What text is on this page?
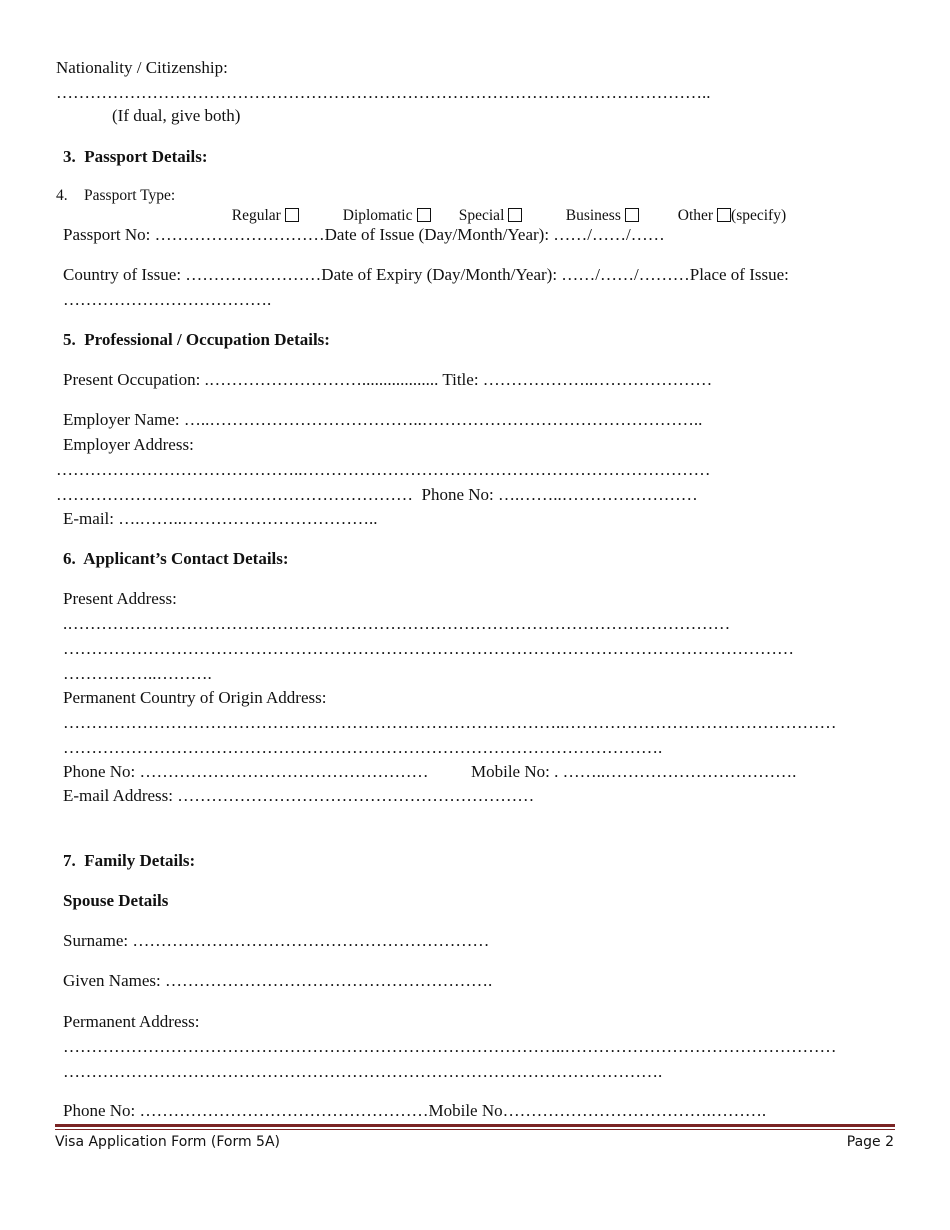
Nationality / Citizenship:
……………………………………………………………………………………………………..
(If dual, give both)
3.  Passport Details:
4. Passport Type:

Regular	Diplomatic	Special	Business	Other (specify)

Passport No: …………………………Date of Issue (Day/Month/Year): ……/……/……
Country of Issue: ……………………Date of Expiry (Day/Month/Year): ……/……/………Place of Issue:
……………………………….
5.  Professional / Occupation Details:
Present Occupation: .……………………….................. Title: ………………..…………………
Employer Name: …..………………………………..…………………………………………..
Employer Address:
……………………………………..………………………………………………………………
………………………………………………………  Phone No: ….……..……………………
E-mail: ….……..……………………………..
6.  Applicant’s Contact Details:
Present Address:
.………………………………………………………………………………………………………
…………………………………………………………………………………………………………………
……………..……….
Permanent Country of Origin Address:
……………………………………………………………………………..…………………………………………
…………………………………………………………………………………………….
Phone No: ……………………………………………          Mobile No: . ……..…………………………….
E-mail Address: ………………………………………………………
7.  Family Details:
Spouse Details
Surname: ………………………………………………………
Given Names: ………………………………………………….
Permanent Address:
……………………………………………………………………………..…………………………………………
…………………………………………………………………………………………….
Phone No: ……………………………………………Mobile No……………………………….……….
Visa Application Form (Form 5A)	Page 2
